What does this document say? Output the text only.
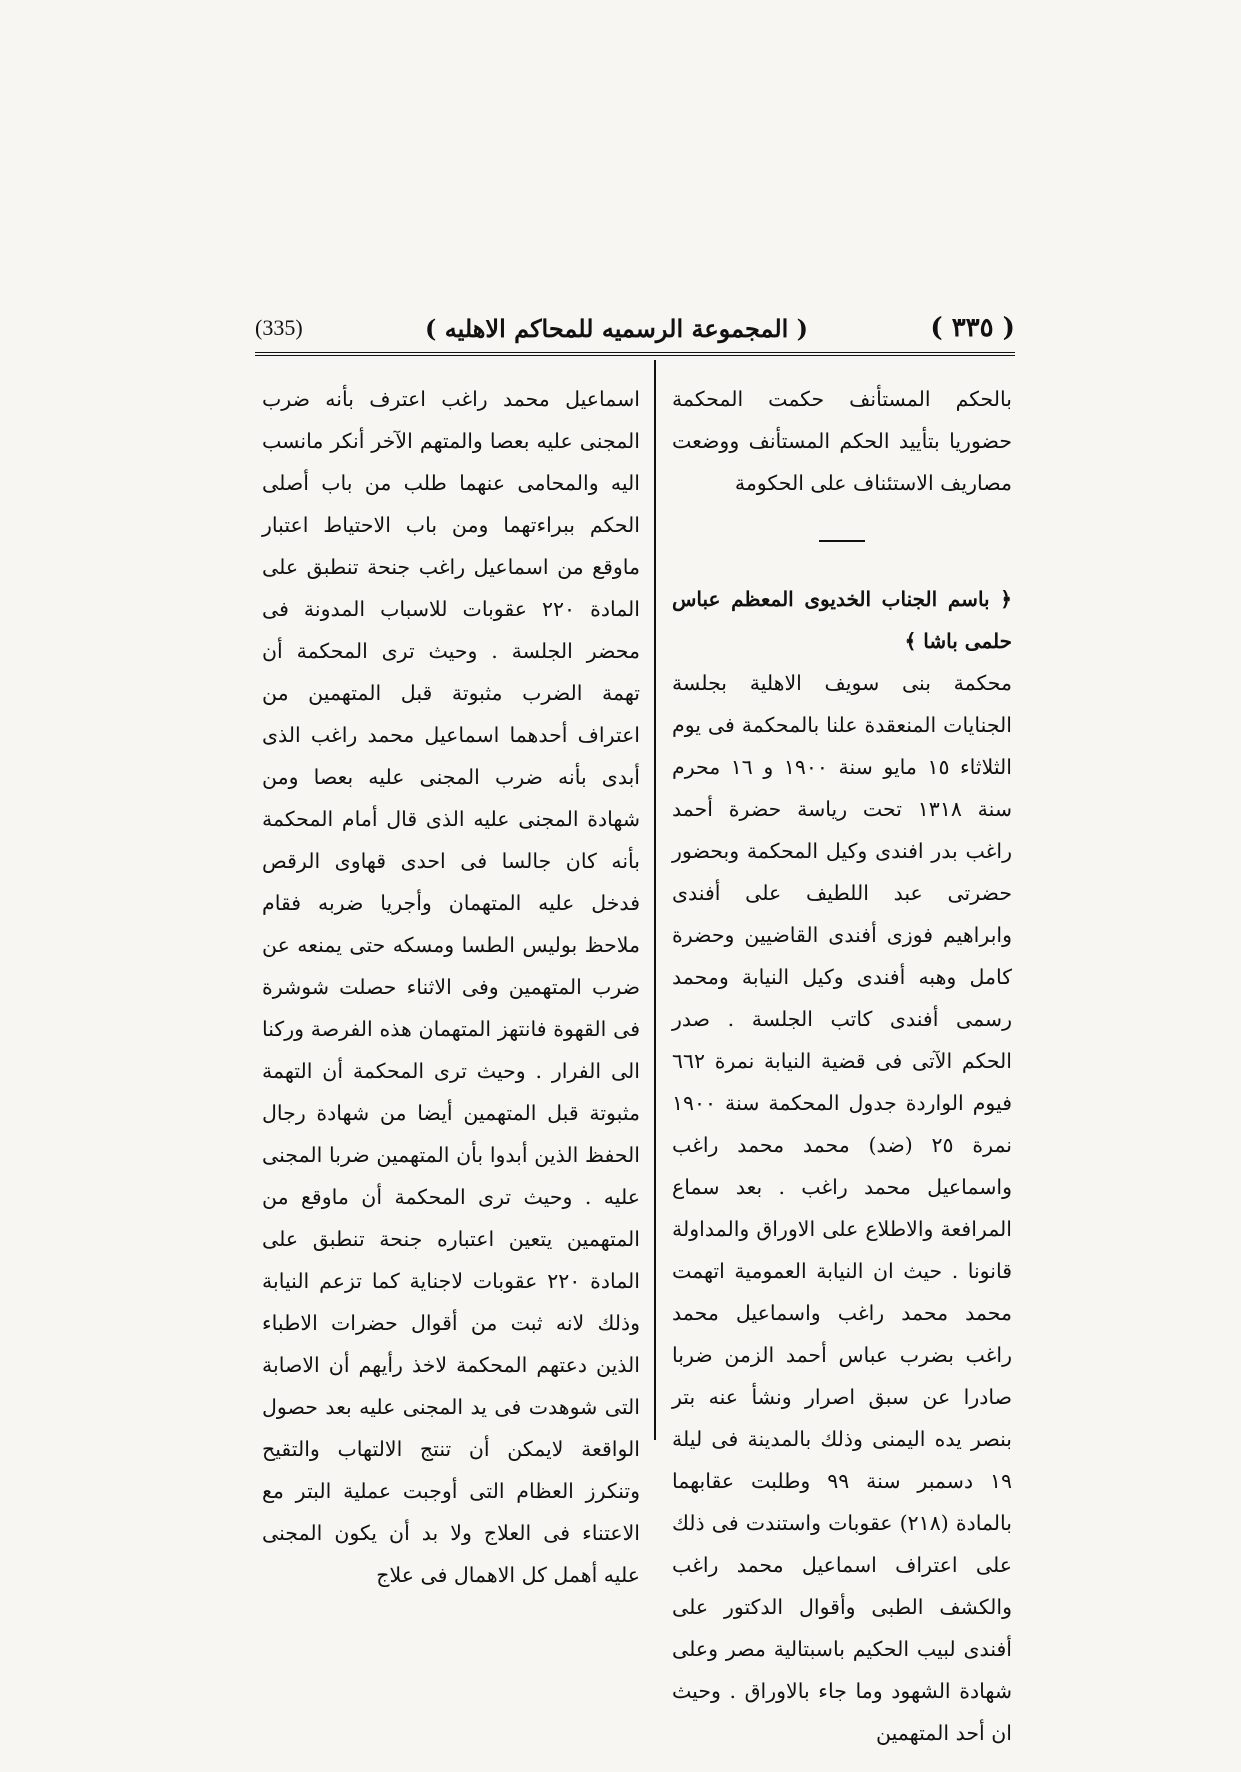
(335)	( المجموعة الرسميه للمحاكم الاهليه )	( ٣٣٥ )

بالحكم المستأنف حكمت المحكمة حضوريا بتأييد الحكم المستأنف ووضعت مصاريف الاستئناف على الحكومة

﴿ باسم الجناب الخديوى المعظم عباس حلمى باشا ﴾

محكمة بنى سويف الاهلية بجلسة الجنايات المنعقدة علنا بالمحكمة فى يوم الثلاثاء ١٥ مايو سنة ١٩٠٠ و ١٦ محرم سنة ١٣١٨ تحت رياسة حضرة أحمد راغب بدر افندى وكيل المحكمة وبحضور حضرتى عبد اللطيف على أفندى وابراهيم فوزى أفندى القاضيين وحضرة كامل وهبه أفندى وكيل النيابة ومحمد رسمى أفندى كاتب الجلسة . صدر الحكم الآتى فى قضية النيابة نمرة ٦٦٢ فيوم الواردة جدول المحكمة سنة ١٩٠٠ نمرة ٢٥ (ضد) محمد محمد راغب واسماعيل محمد راغب . بعد سماع المرافعة والاطلاع على الاوراق والمداولة قانونا . حيث ان النيابة العمومية اتهمت محمد محمد راغب واسماعيل محمد راغب بضرب عباس أحمد الزمن ضربا صادرا عن سبق اصرار ونشأ عنه بتر بنصر يده اليمنى وذلك بالمدينة فى ليلة ١٩ دسمبر سنة ٩٩ وطلبت عقابهما بالمادة (٢١٨) عقوبات واستندت فى ذلك على اعتراف اسماعيل محمد راغب والكشف الطبى وأقوال الدكتور على أفندى لبيب الحكيم باسبتالية مصر وعلى شهادة الشهود وما جاء بالاوراق . وحيث ان أحد المتهمين

اسماعيل محمد راغب اعترف بأنه ضرب المجنى عليه بعصا والمتهم الآخر أنكر مانسب اليه والمحامى عنهما طلب من باب أصلى الحكم ببراءتهما ومن باب الاحتياط اعتبار ماوقع من اسماعيل راغب جنحة تنطبق على المادة ٢٢٠ عقوبات للاسباب المدونة فى محضر الجلسة . وحيث ترى المحكمة أن تهمة الضرب مثبوتة قبل المتهمين من اعتراف أحدهما اسماعيل محمد راغب الذى أبدى بأنه ضرب المجنى عليه بعصا ومن شهادة المجنى عليه الذى قال أمام المحكمة بأنه كان جالسا فى احدى قهاوى الرقص فدخل عليه المتهمان وأجريا ضربه فقام ملاحظ بوليس الطسا ومسكه حتى يمنعه عن ضرب المتهمين وفى الاثناء حصلت شوشرة فى القهوة فانتهز المتهمان هذه الفرصة وركنا الى الفرار . وحيث ترى المحكمة أن التهمة مثبوتة قبل المتهمين أيضا من شهادة رجال الحفظ الذين أبدوا بأن المتهمين ضربا المجنى عليه . وحيث ترى المحكمة أن ماوقع من المتهمين يتعين اعتباره جنحة تنطبق على المادة ٢٢٠ عقوبات لاجناية كما تزعم النيابة وذلك لانه ثبت من أقوال حضرات الاطباء الذين دعتهم المحكمة لاخذ رأيهم أن الاصابة التى شوهدت فى يد المجنى عليه بعد حصول الواقعة لايمكن أن تنتج الالتهاب والتقيح وتنكرز العظام التى أوجبت عملية البتر مع الاعتناء فى العلاج ولا بد أن يكون المجنى عليه أهمل كل الاهمال فى علاج
